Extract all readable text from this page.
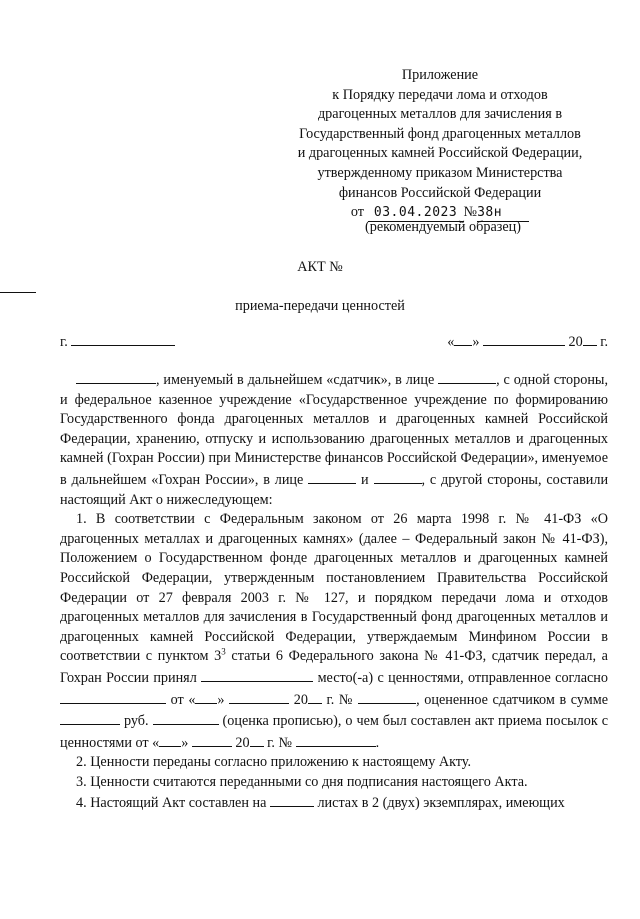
Приложение
к Порядку передачи лома и отходов
драгоценных металлов для зачисления в
Государственный фонд драгоценных металлов
и драгоценных камней Российской Федерации,
утвержденному приказом Министерства
финансов Российской Федерации
от 03.04.2023 №38н
(рекомендуемый образец)
АКТ №
приема-передачи ценностей
г.	« »	20 г.

, именуемый в дальнейшем «сдатчик», в лице	, с одной стороны, и федеральное казенное учреждение «Государственное учреждение по формированию Государственного фонда драгоценных металлов и драгоценных камней Российской Федерации, хранению, отпуску и использованию драгоценных металлов и драгоценных камней (Гохран России) при Министерстве финансов Российской Федерации», именуемое в дальнейшем «Гохран России», в лице	и	, с другой стороны, составили настоящий Акт о нижеследующем:

1. В соответствии с Федеральным законом от 26 марта 1998 г. № 41-ФЗ «О драгоценных металлах и драгоценных камнях» (далее – Федеральный закон № 41-ФЗ), Положением о Государственном фонде драгоценных металлов и драгоценных камней Российской Федерации, утвержденным постановлением Правительства Российской Федерации от 27 февраля 2003 г. № 127, и порядком передачи лома и отходов драгоценных металлов для зачисления в Государственный фонд драгоценных металлов и драгоценных камней Российской Федерации, утверждаемым Минфином России в соответствии с пунктом $3^3$ статьи 6 Федерального закона № 41-ФЗ, сдатчик передал, а Гохран России принял	место(-а) с ценностями, отправленное согласно  от « »	20 г. №	, оцененное сдатчиком в сумме  руб.	(оценка прописью), о чем был составлен акт приема посылок с ценностями от « »	20 г. №	.

2. Ценности переданы согласно приложению к настоящему Акту.

3. Ценности считаются переданными со дня подписания настоящего Акта.

4. Настоящий Акт составлен на	листах в 2 (двух) экземплярах, имеющих
